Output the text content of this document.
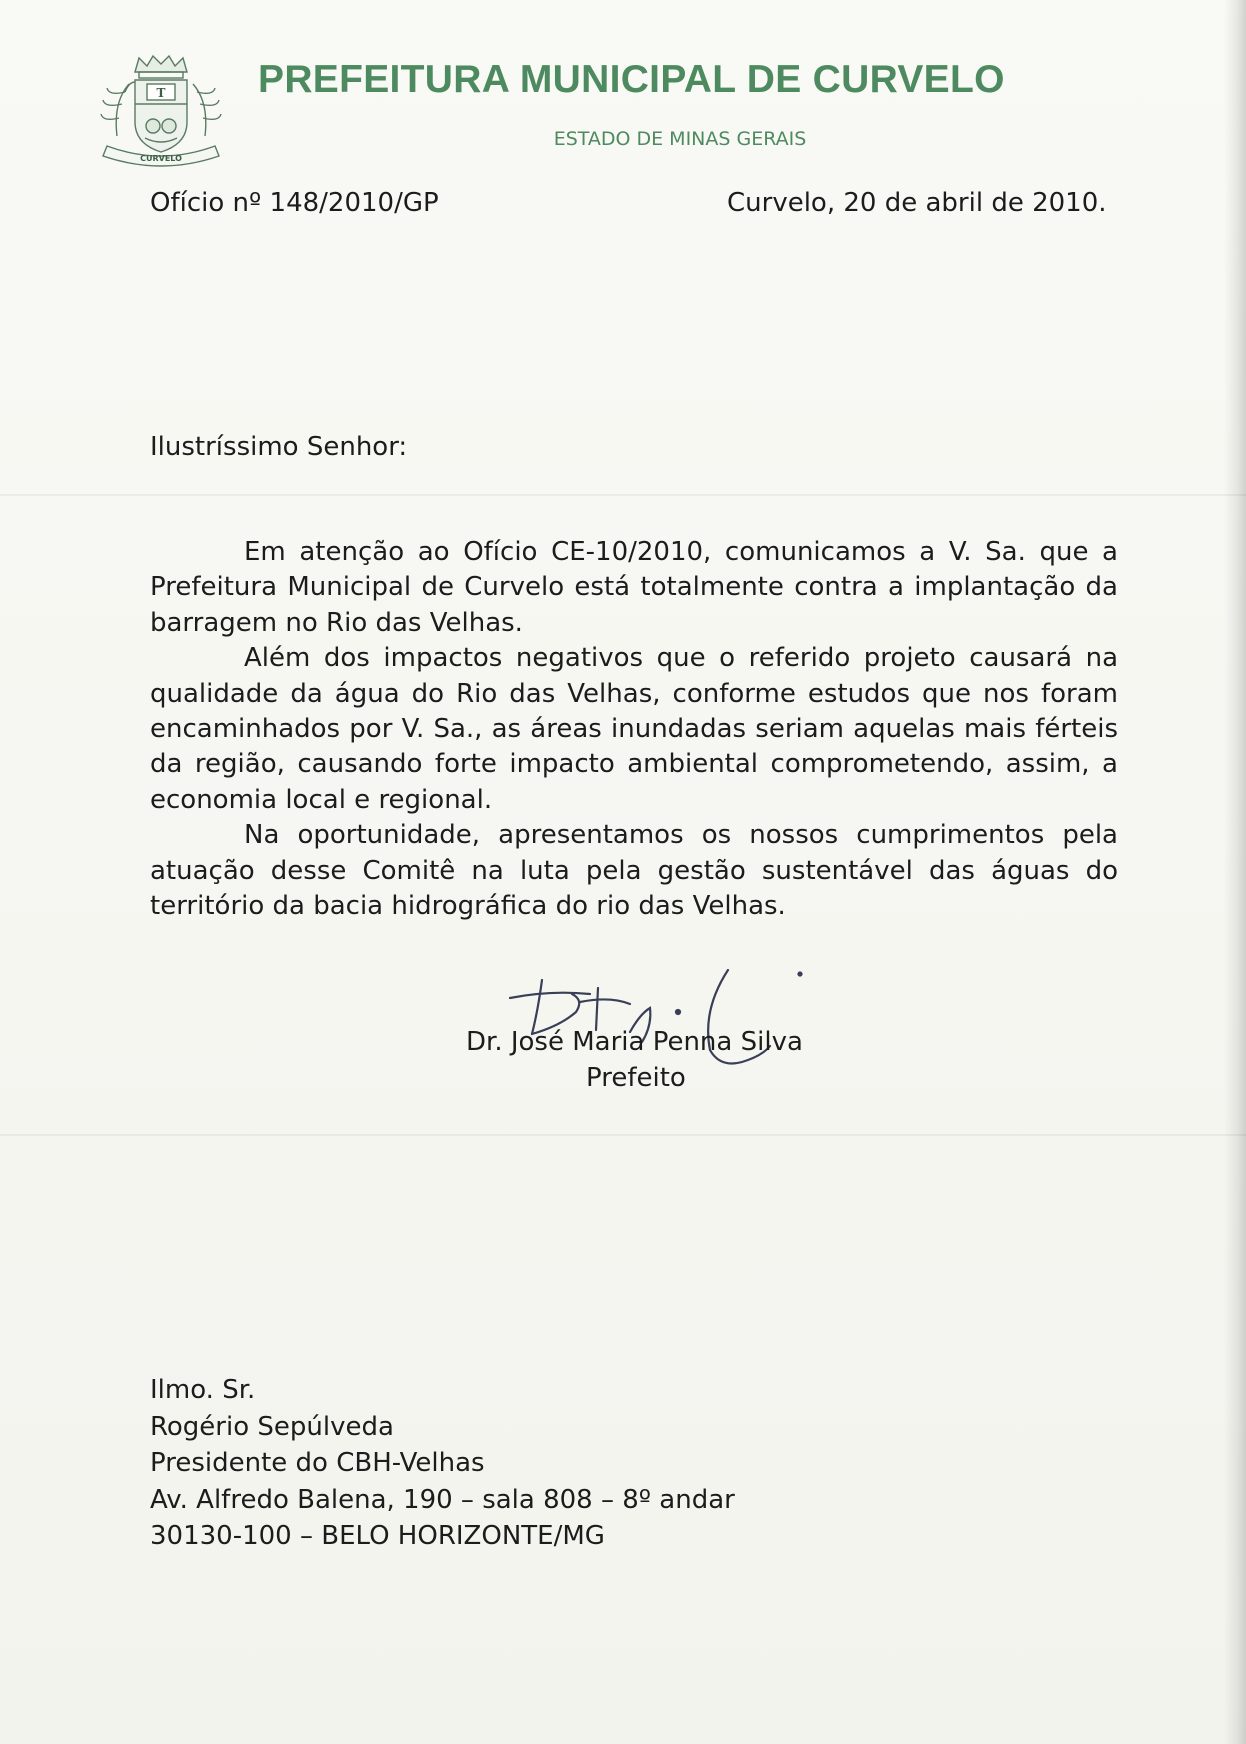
T
CURVELO
PREFEITURA MUNICIPAL DE CURVELO
ESTADO DE MINAS GERAIS
Ofício nº 148/2010/GP	Curvelo, 20 de abril de 2010.
Ilustríssimo Senhor:

Em atenção ao Ofício CE-10/2010, comunicamos a V. Sa. que a Prefeitura Municipal de Curvelo está totalmente contra a implantação da barragem no Rio das Velhas.

Além dos impactos negativos que o referido projeto causará na qualidade da água do Rio das Velhas, conforme estudos que nos foram encaminhados por V. Sa., as áreas inundadas seriam aquelas mais férteis da região, causando forte impacto ambiental comprometendo, assim, a economia local e regional.

Na oportunidade, apresentamos os nossos cumprimentos pela atuação desse Comitê na luta pela gestão sustentável das águas do território da bacia hidrográfica do rio das Velhas.

Dr. José Maria Penna Silva
Prefeito
Ilmo. Sr.
Rogério Sepúlveda
Presidente do CBH-Velhas
Av. Alfredo Balena, 190 – sala 808 – 8º andar
30130-100 – BELO HORIZONTE/MG
